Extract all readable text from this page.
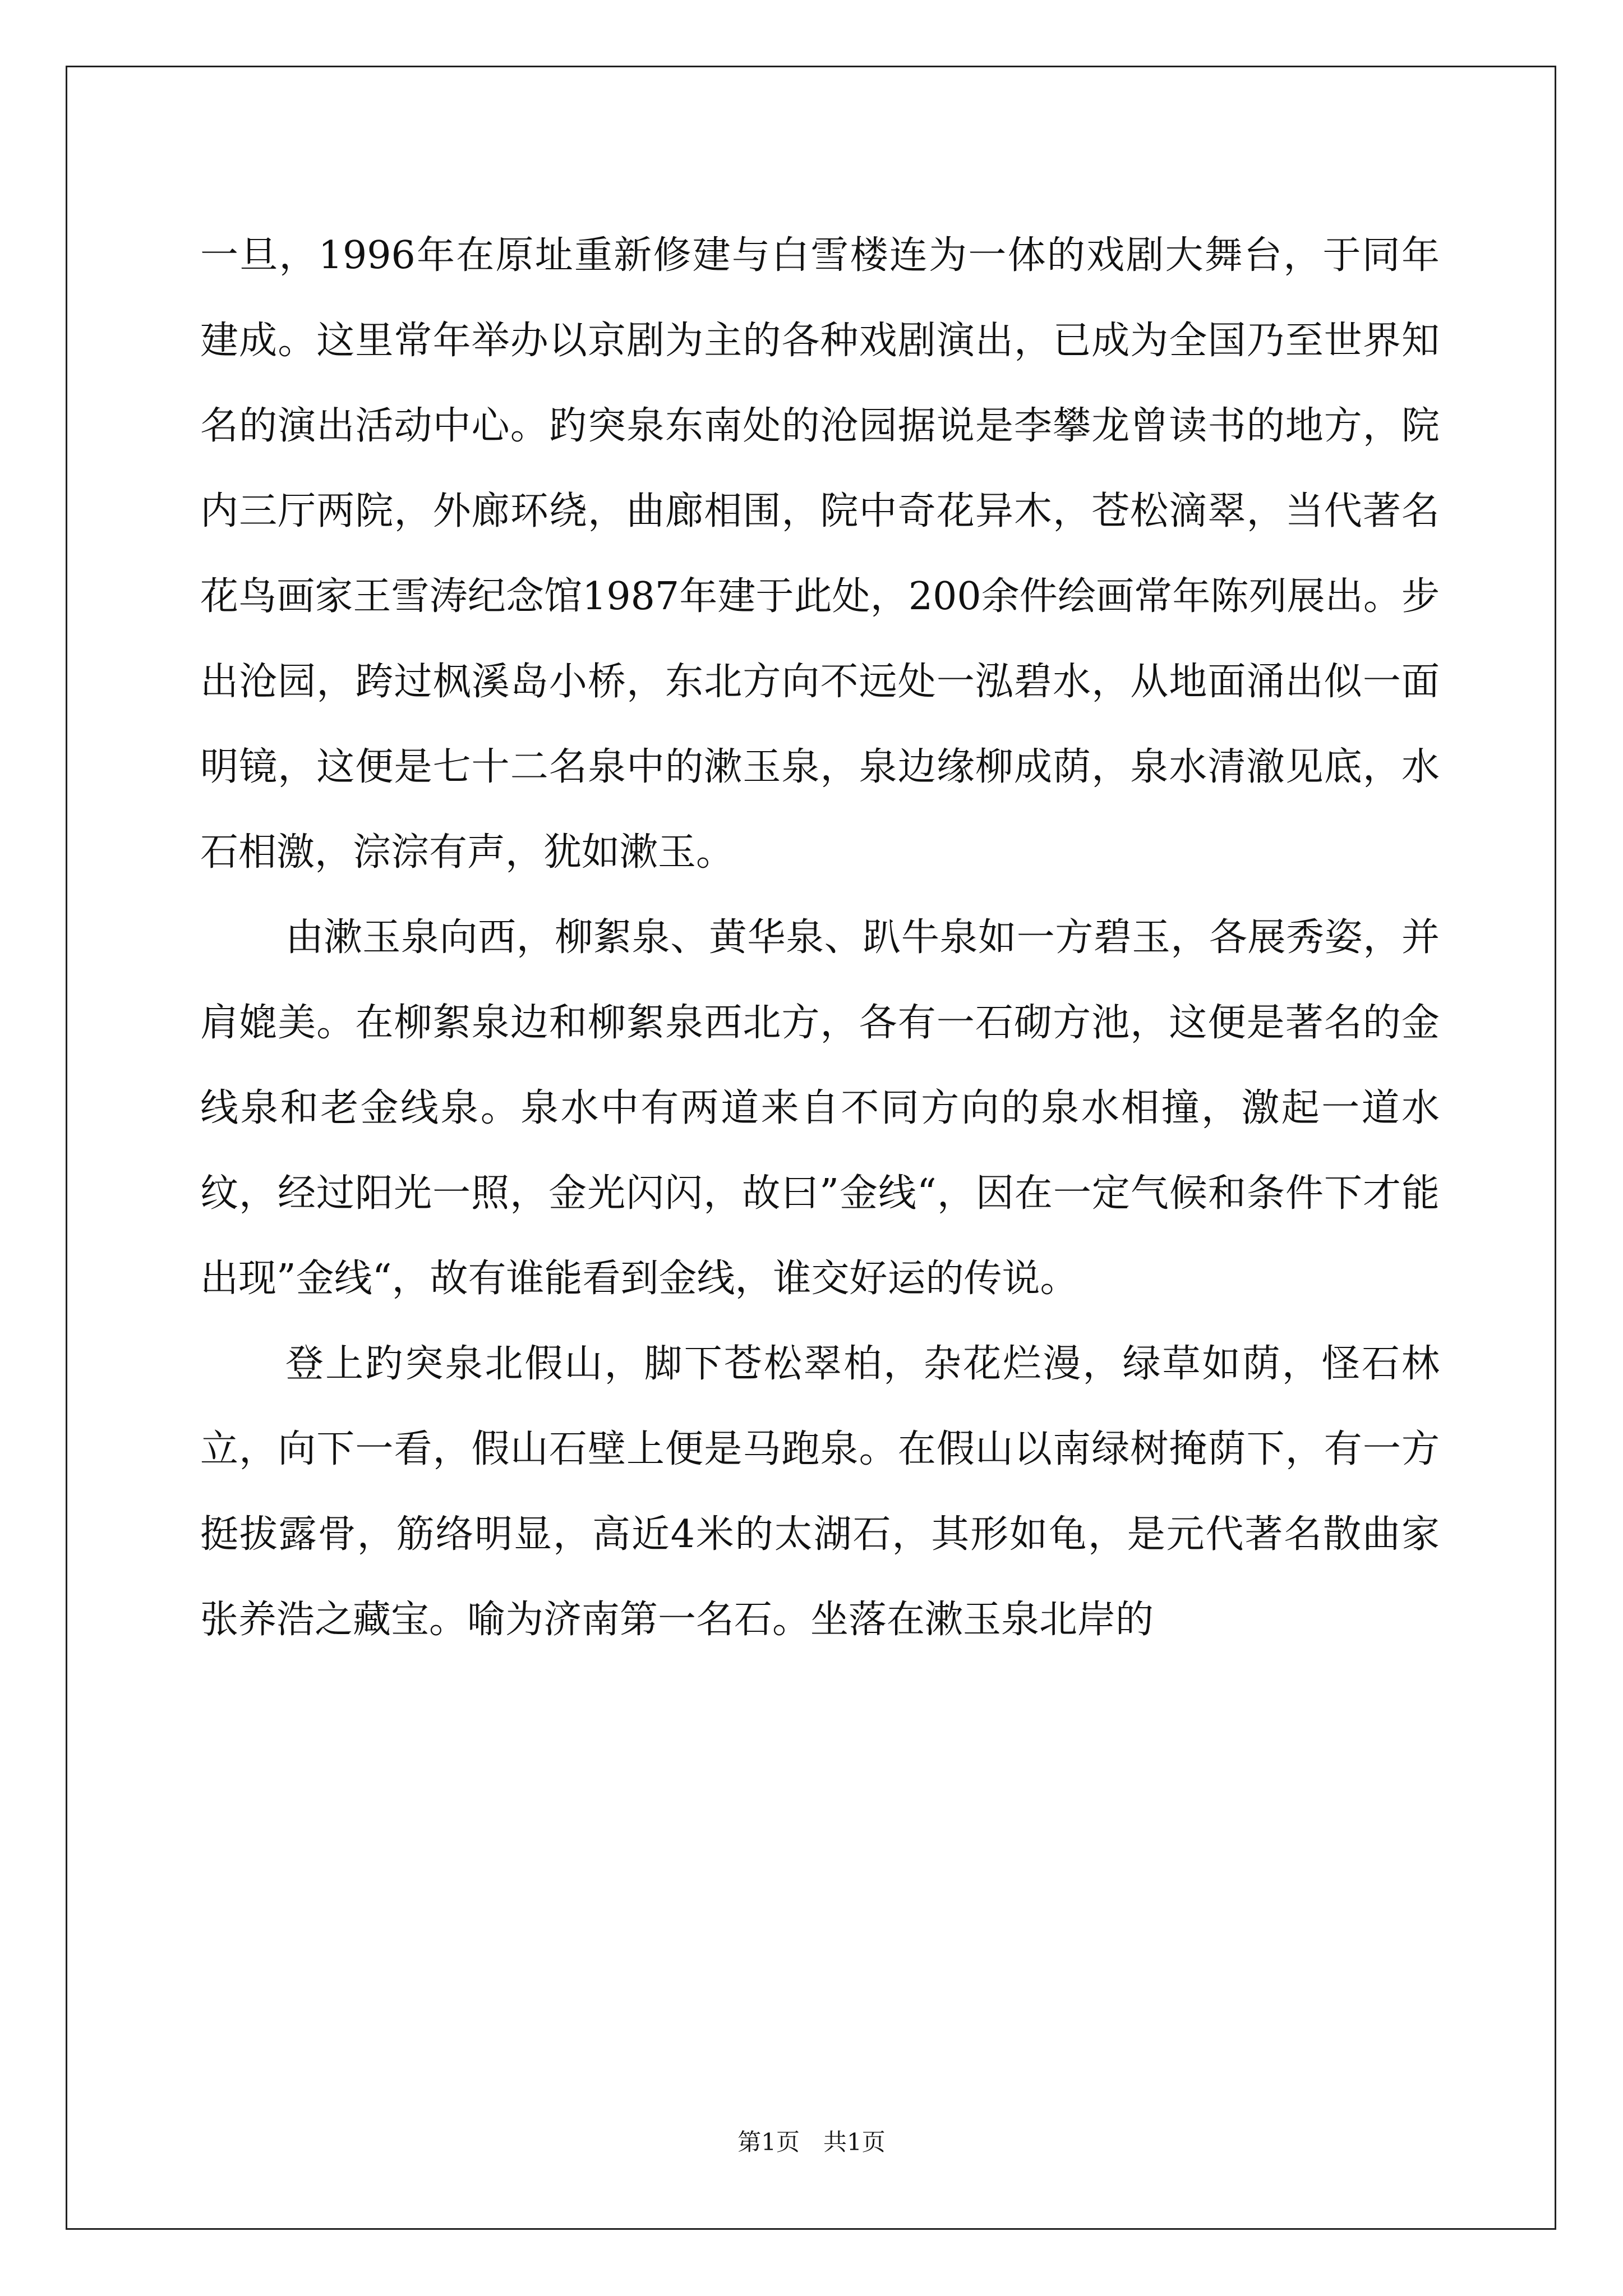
一旦，1996年在原址重新修建与白雪楼连为一体的戏剧大舞台，于同年建成。这里常年举办以京剧为主的各种戏剧演出，已成为全国乃至世界知名的演出活动中心。趵突泉东南处的沧园据说是李攀龙曾读书的地方，院内三厅两院，外廊环绕，曲廊相围，院中奇花异木，苍松滴翠，当代著名花鸟画家王雪涛纪念馆1987年建于此处，200余件绘画常年陈列展出。步出沧园，跨过枫溪岛小桥，东北方向不远处一泓碧水，从地面涌出似一面明镜，这便是七十二名泉中的漱玉泉，泉边缘柳成荫，泉水清澈见底，水石相激，淙淙有声，犹如漱玉。

由漱玉泉向西，柳絮泉、黄华泉、趴牛泉如一方碧玉，各展秀姿，并肩媲美。在柳絮泉边和柳絮泉西北方，各有一石砌方池，这便是著名的金线泉和老金线泉。泉水中有两道来自不同方向的泉水相撞，激起一道水纹，经过阳光一照，金光闪闪，故曰”金线“，因在一定气候和条件下才能出现”金线“，故有谁能看到金线，谁交好运的传说。

登上趵突泉北假山，脚下苍松翠柏，杂花烂漫，绿草如荫，怪石林立，向下一看，假山石壁上便是马跑泉。在假山以南绿树掩荫下，有一方挺拔露骨，筋络明显，高近4米的太湖石，其形如龟，是元代著名散曲家张养浩之藏宝。喻为济南第一名石。坐落在漱玉泉北岸的

第1页　共1页
